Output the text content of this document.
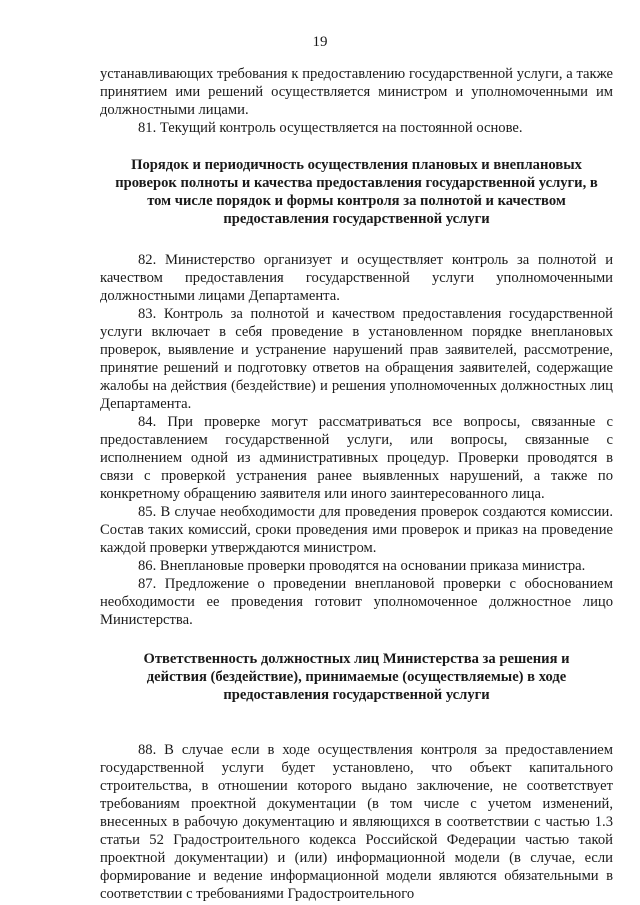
19

устанавливающих требования к предоставлению государственной услуги, а также принятием ими решений осуществляется министром и уполномоченными им должностными лицами.

81. Текущий контроль осуществляется на постоянной основе.

Порядок и периодичность осуществления плановых и внеплановых проверок полноты и качества предоставления государственной услуги, в том числе порядок и формы контроля за полнотой и качеством предоставления государственной услуги

82. Министерство организует и осуществляет контроль за полнотой и качеством предоставления государственной услуги уполномоченными должностными лицами Департамента.

83. Контроль за полнотой и качеством предоставления государственной услуги включает в себя проведение в установленном порядке внеплановых проверок, выявление и устранение нарушений прав заявителей, рассмотрение, принятие решений и подготовку ответов на обращения заявителей, содержащие жалобы на действия (бездействие) и решения уполномоченных должностных лиц Департамента.

84. При проверке могут рассматриваться все вопросы, связанные с предоставлением государственной услуги, или вопросы, связанные с исполнением одной из административных процедур. Проверки проводятся в связи с проверкой устранения ранее выявленных нарушений, а также по конкретному обращению заявителя или иного заинтересованного лица.

85. В случае необходимости для проведения проверок создаются комиссии. Состав таких комиссий, сроки проведения ими проверок и приказ на проведение каждой проверки утверждаются министром.

86. Внеплановые проверки проводятся на основании приказа министра.

87. Предложение о проведении внеплановой проверки с обоснованием необходимости ее проведения готовит уполномоченное должностное лицо Министерства.

Ответственность должностных лиц Министерства за решения и действия (бездействие), принимаемые (осуществляемые) в ходе предоставления государственной услуги

88. В случае если в ходе осуществления контроля за предоставлением государственной услуги будет установлено, что объект капитального строительства, в отношении которого выдано заключение, не соответствует требованиям проектной документации (в том числе с учетом изменений, внесенных в рабочую документацию и являющихся в соответствии с частью 1.3 статьи 52 Градостроительного кодекса Российской Федерации частью такой проектной документации) и (или) информационной модели (в случае, если формирование и ведение информационной модели являются обязательными в соответствии с требованиями Градостроительного
